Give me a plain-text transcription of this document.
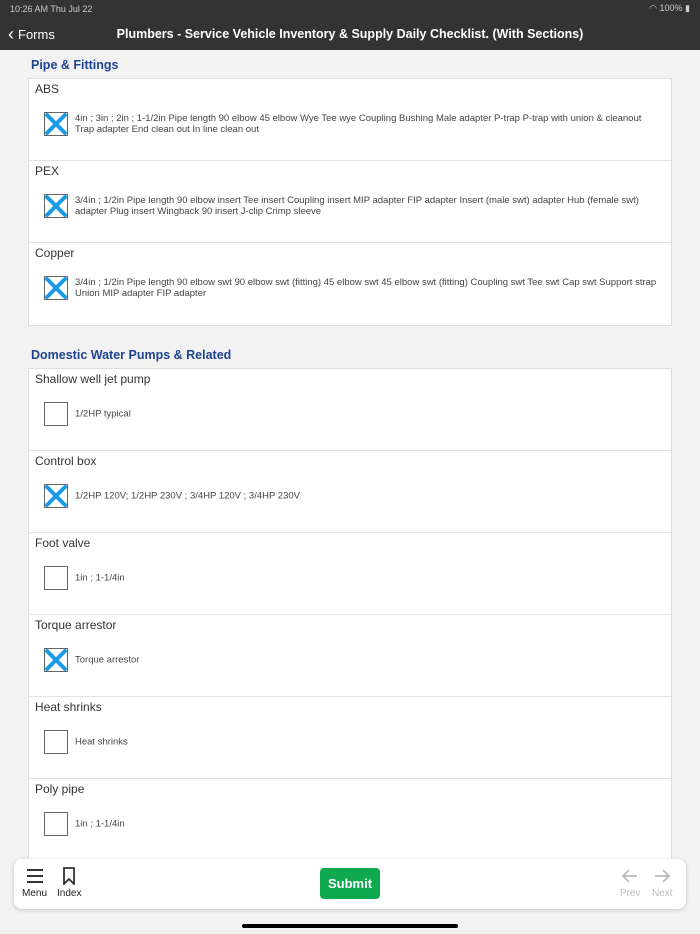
10:26 AM Thu Jul 22	◠ 100% ▮
‹ Forms	Plumbers - Service Vehicle Inventory & Supply Daily Checklist. (With Sections)
Pipe & Fittings
ABS
4in ; 3in ; 2in ; 1-1/2in Pipe length 90 elbow 45 elbow Wye Tee wye Coupling Bushing Male adapter P-trap P-trap with union & cleanout Trap adapter End clean out In line clean out
PEX
3/4in ; 1/2in Pipe length 90 elbow insert Tee insert Coupling insert MIP adapter FIP adapter Insert (male swt) adapter Hub (female swt) adapter Plug insert Wingback 90 insert J-clip Crimp sleeve
Copper
3/4in ; 1/2in Pipe length 90 elbow swt 90 elbow swt (fitting) 45 elbow swt 45 elbow swt (fitting) Coupling swt Tee swt Cap swt Support strap Union MIP adapter FIP adapter
Domestic Water Pumps & Related
Shallow well jet pump
1/2HP typical
Control box
1/2HP 120V; 1/2HP 230V ; 3/4HP 120V ; 3/4HP 230V
Foot valve
1in ; 1-1/4in
Torque arrestor
Torque arrestor
Heat shrinks
Heat shrinks
Poly pipe
1in ; 1-1/4in
Menu Index
Submit
Prev Next
